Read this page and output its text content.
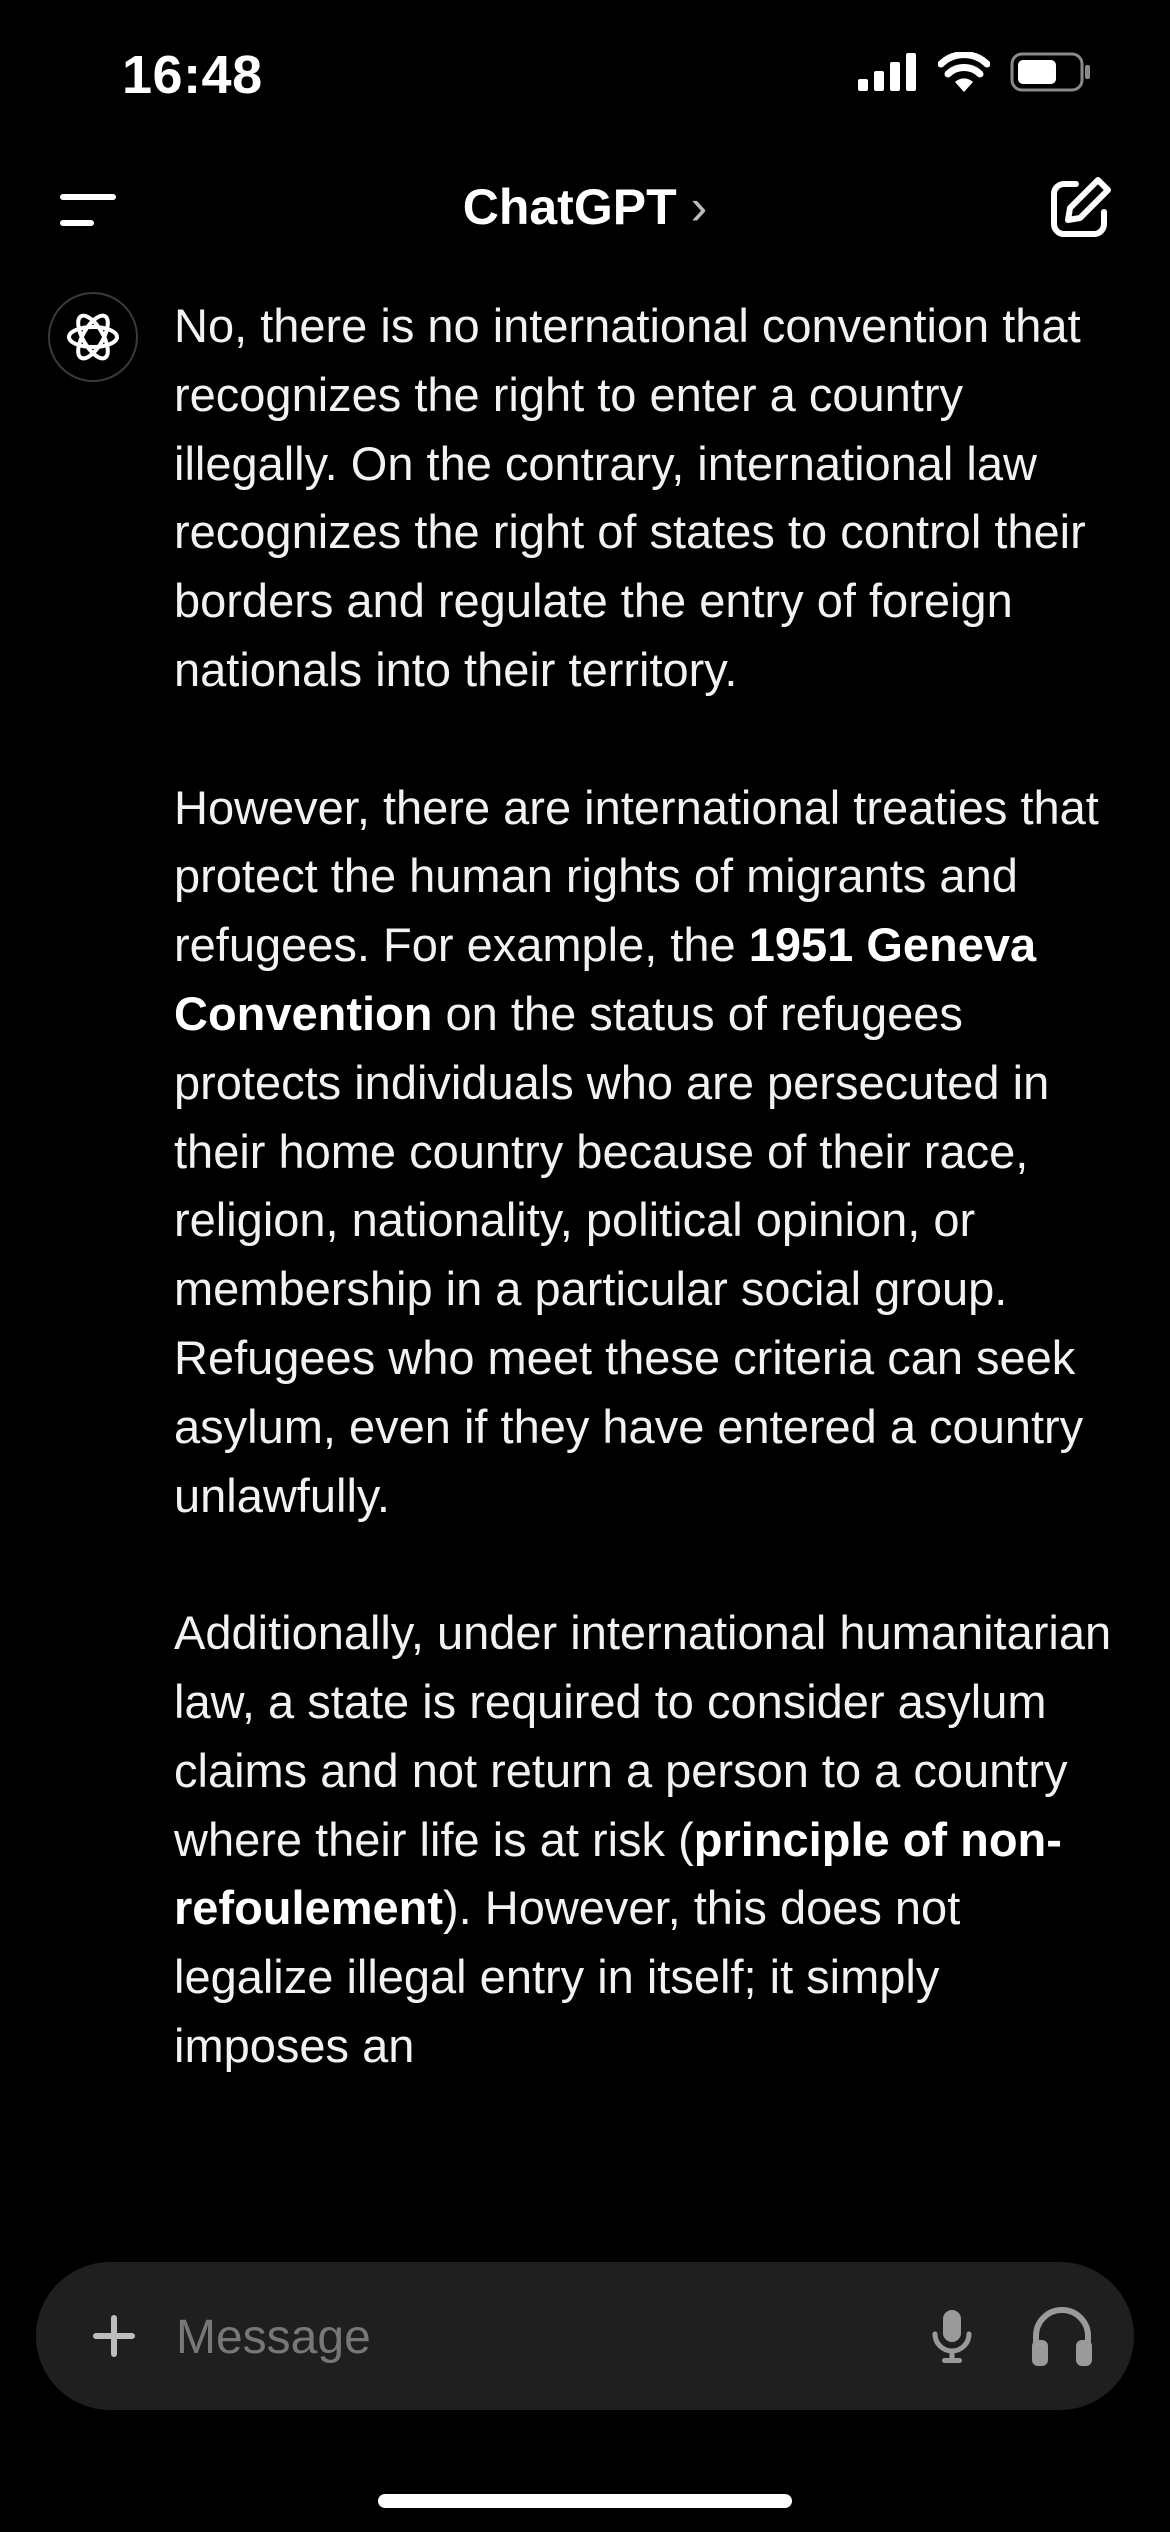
16:48
ChatGPT ›

No, there is no international convention that recognizes the right to enter a country illegally. On the contrary, international law recognizes the right of states to control their borders and regulate the entry of foreign nationals into their territory.

However, there are international treaties that protect the human rights of migrants and refugees. For example, the 1951 Geneva Convention on the status of refugees protects individuals who are persecuted in their home country because of their race, religion, nationality, political opinion, or membership in a particular social group. Refugees who meet these criteria can seek asylum, even if they have entered a country unlawfully.

Additionally, under international humanitarian law, a state is required to consider asylum claims and not return a person to a country where their life is at risk (principle of non-refoulement). However, this does not legalize illegal entry in itself; it simply imposes an

Message
